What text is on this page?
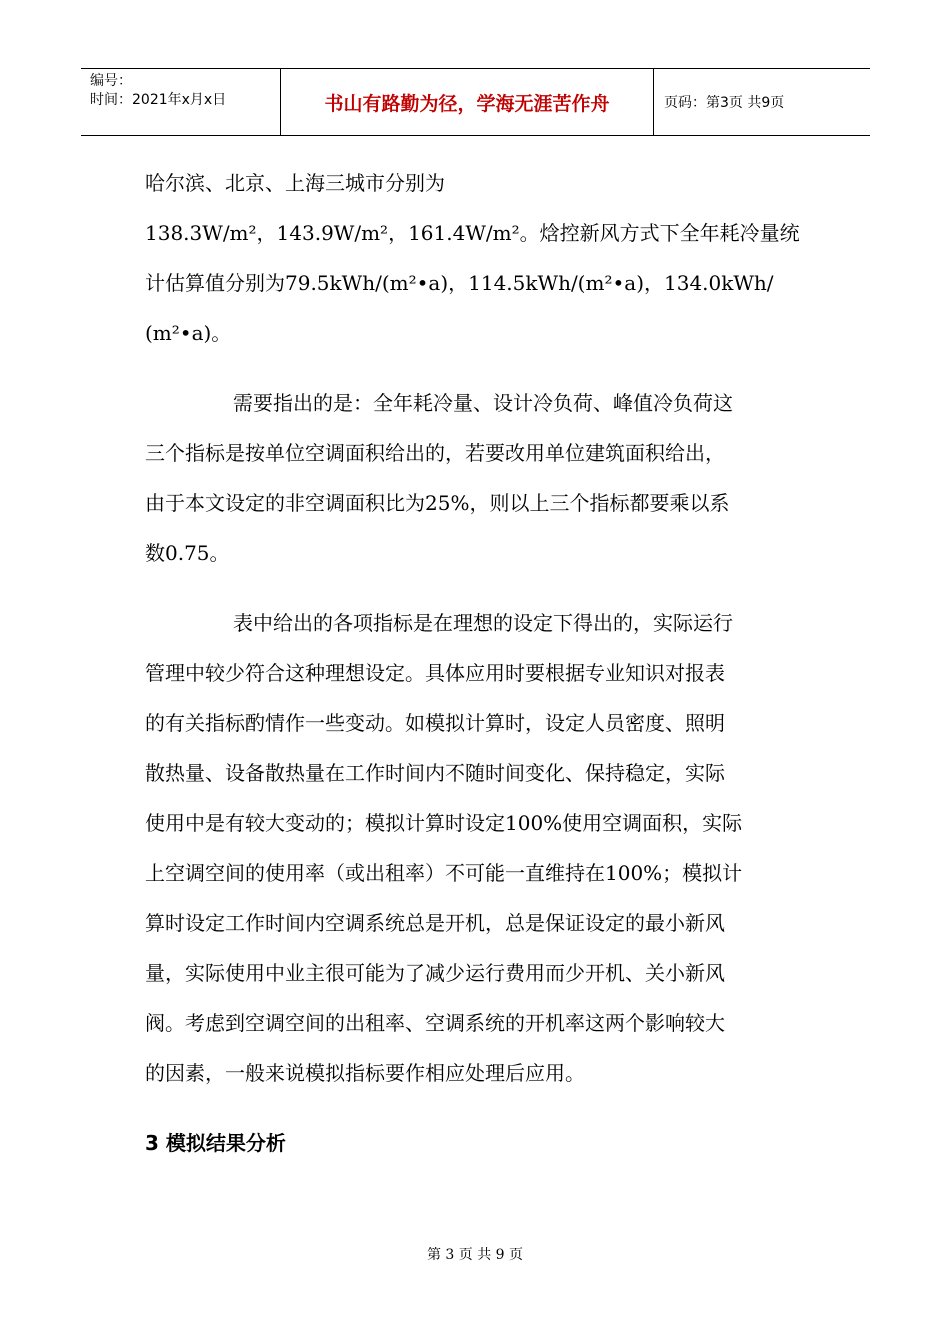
编号：
时间：2021年x月x日	书山有路勤为径，学海无涯苦作舟	页码：第3页 共9页
哈尔滨、北京、上海三城市分别为
138.3W/m²，143.9W/m²，161.4W/m²。焓控新风方式下全年耗冷量统
计估算值分别为79.5kWh/(m²•a)，114.5kWh/(m²•a)，134.0kWh/
(m²•a)。
需要指出的是：全年耗冷量、设计冷负荷、峰值冷负荷这
三个指标是按单位空调面积给出的，若要改用单位建筑面积给出，
由于本文设定的非空调面积比为25%，则以上三个指标都要乘以系
数0.75。
表中给出的各项指标是在理想的设定下得出的，实际运行
管理中较少符合这种理想设定。具体应用时要根据专业知识对报表
的有关指标酌情作一些变动。如模拟计算时，设定人员密度、照明
散热量、设备散热量在工作时间内不随时间变化、保持稳定，实际
使用中是有较大变动的；模拟计算时设定100%使用空调面积，实际
上空调空间的使用率（或出租率）不可能一直维持在100%；模拟计
算时设定工作时间内空调系统总是开机，总是保证设定的最小新风
量，实际使用中业主很可能为了减少运行费用而少开机、关小新风
阀。考虑到空调空间的出租率、空调系统的开机率这两个影响较大
的因素，一般来说模拟指标要作相应处理后应用。
3 模拟结果分析
第 3 页 共 9 页
